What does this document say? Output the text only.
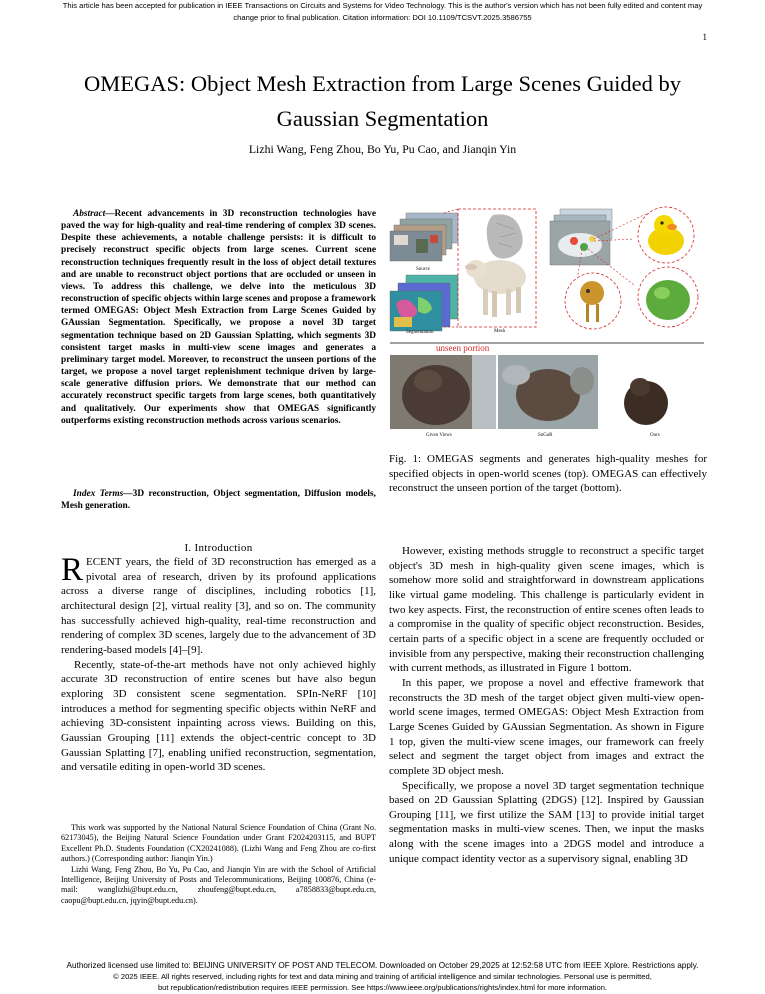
This article has been accepted for publication in IEEE Transactions on Circuits and Systems for Video Technology. This is the author's version which has not been fully edited and content may change prior to final publication. Citation information: DOI 10.1109/TCSVT.2025.3586755
1
OMEGAS: Object Mesh Extraction from Large Scenes Guided by Gaussian Segmentation
Lizhi Wang, Feng Zhou, Bo Yu, Pu Cao, and Jianqin Yin
Abstract—Recent advancements in 3D reconstruction technologies have paved the way for high-quality and real-time rendering of complex 3D scenes. Despite these achievements, a notable challenge persists: it is difficult to precisely reconstruct specific objects from large scenes. Current scene reconstruction techniques frequently result in the loss of object detail textures and are unable to reconstruct object portions that are occluded or unseen in views. To address this challenge, we delve into the meticulous 3D reconstruction of specific objects within large scenes and propose a framework termed OMEGAS: Object Mesh Extraction from Large Scenes Guided by GAussian Segmentation. Specifically, we propose a novel 3D target segmentation technique based on 2D Gaussian Splatting, which segments 3D consistent target masks in multi-view scene images and generates a preliminary target model. Moreover, to reconstruct the unseen portions of the target, we propose a novel target replenishment technique driven by large-scale generative diffusion priors. We demonstrate that our method can accurately reconstruct specific targets from large scenes, both quantitatively and qualitatively. Our experiments show that OMEGAS significantly outperforms existing reconstruction methods across various scenarios.
Index Terms—3D reconstruction, Object segmentation, Diffusion models, Mesh generation.
Source
Segmentation	Mesh
unseen portion
Given Views	SuGaR	Ours
Fig. 1: OMEGAS segments and generates high-quality meshes for specified objects in open-world scenes (top). OMEGAS can effectively reconstruct the unseen portion of the target (bottom).
I. Introduction

RECENT years, the field of 3D reconstruction has emerged as a pivotal area of research, driven by its profound applications across a diverse range of disciplines, including robotics [1], architectural design [2], virtual reality [3], and so on. The community has successfully achieved high-quality, real-time reconstruction and rendering of complex 3D scenes, largely due to the advancement of 3D rendering-based models [4]–[9].

Recently, state-of-the-art methods have not only achieved highly accurate 3D reconstruction of entire scenes but have also begun exploring 3D consistent scene segmentation. SPIn-NeRF [10] introduces a method for segmenting specific objects within NeRF and achieving 3D-consistent inpainting across views. Building on this, Gaussian Grouping [11] extends the object-centric concept to 3D Gaussian Splatting [7], enabling unified reconstruction, segmentation, and versatile editing in open-world 3D scenes.

However, existing methods struggle to reconstruct a specific target object's 3D mesh in high-quality given scene images, which is somehow more solid and straightforward in downstream applications like virtual game modeling. This challenge is particularly evident in two key aspects. First, the reconstruction of entire scenes often leads to a compromise in the quality of specific object reconstruction. Besides, certain parts of a specific object in a scene are frequently occluded or invisible from any perspective, making their reconstruction challenging with current methods, as illustrated in Figure 1 bottom.

In this paper, we propose a novel and effective framework that reconstructs the 3D mesh of the target object given multi-view open-world scene images, termed OMEGAS: Object Mesh Extraction from Large Scenes Guided by GAussian Segmentation. As shown in Figure 1 top, given the multi-view scene images, our framework can freely select and segment the target object from images and extract the complete 3D object mesh.

Specifically, we propose a novel 3D target segmentation technique based on 2D Gaussian Splatting (2DGS) [12]. Inspired by Gaussian Grouping [11], we first utilize the SAM [13] to provide initial target segmentation masks in multi-view scenes. Then, we input the masks along with the scene images into a 2DGS model and introduce a unique compact identity vector as a supervisory signal, enabling 3D

This work was supported by the National Natural Science Foundation of China (Grant No. 62173045), the Beijing Natural Science Foundation under Grant F2024203115, and BUPT Excellent Ph.D. Students Foundation (CX20241088). (Lizhi Wang and Feng Zhou are co-first authors.) (Corresponding author: Jianqin Yin.)

Lizhi Wang, Feng Zhou, Bo Yu, Pu Cao, and Jianqin Yin are with the School of Artificial Intelligence, Beijing University of Posts and Telecommunications, Beijing 100876, China (e-mail: wanglizhi@bupt.edu.cn, zhoufeng@bupt.edu.cn, a7858833@bupt.edu.cn, caopu@bupt.edu.cn, jqyin@bupt.edu.cn).

Authorized licensed use limited to: BEIJING UNIVERSITY OF POST AND TELECOM. Downloaded on October 29,2025 at 12:52:58 UTC from IEEE Xplore. Restrictions apply.
© 2025 IEEE. All rights reserved, including rights for text and data mining and training of artificial intelligence and similar technologies. Personal use is permitted,
but republication/redistribution requires IEEE permission. See https://www.ieee.org/publications/rights/index.html for more information.
